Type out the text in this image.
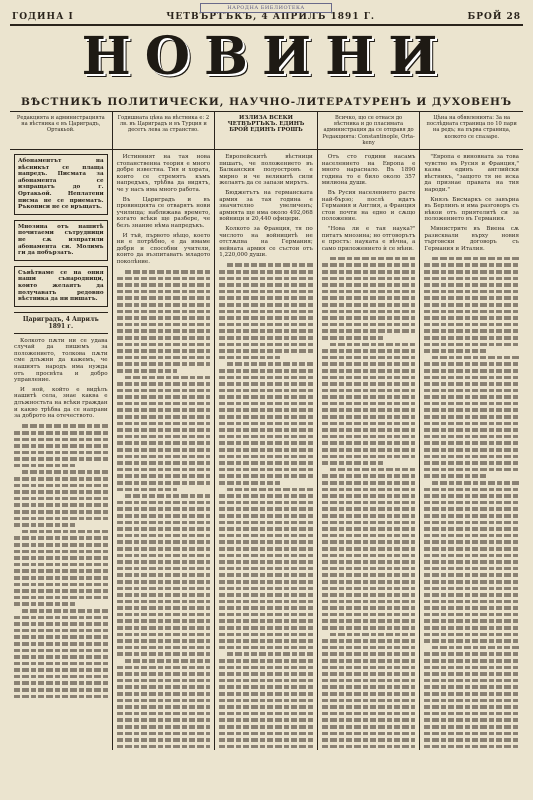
НАРОДНА БИБЛИОТЕКА
ГОДИНА I	ЧЕТВЪРТЪКЪ, 4 АПРИЛЪ 1891 Г.	БРОЙ 28
НОВИНИ
ВѢСТНИКЪ ПОЛИТИЧЕСКИ, НАУЧНО-ЛИТЕРАТУРЕНЪ И ДУХОВЕНЪ
Редакцията и администрацията на вѣстника е въ Цариградъ, Ортакьой.
Годишната цѣна на вѣстника е: 2 лв. въ Цариградъ и въ Турция и десетъ лева за странство.
ИЗЛИЗА ВСЕКИ ЧЕТВЪРТЪКЪ. ЕДИНЪ БРОЙ ЕДИНЪ ГРОШЪ
Всичко, що се отнася до вѣстника и до пласимата администрация да се отправя до Редакцията: Constantinople, Orta-keny
Цѣна на обявленията: За на послѣдната страница по 10 пари на редъ; на първа страница, колкото се спазаре.
Абонаментът на вѣсникът се плаща напредъ. Писмата за абонамента се изпращатъ до г. Ортакьой. Неплатени писма не се приематъ. Ръкописи не се връщатъ.
Мнозина отъ нашитѣ почитаеми сътрудници не сѫ изпратили абонамента си. Молимъ ги да побързатъ.
Съвѣтваме се на ония наши сънародници, които желаятъ да получаватъ редовно вѣстника да ни пишатъ.
Цариградъ, 4 Априлъ 1891 г.

Колкото пѫти ни се удава случай да пишемъ за положението, толкова пѫти сме длъжни да кажемъ, че нашиятъ народъ има нужда отъ просвѣта и добро управление.

И ной, който е видѣлъ нашитѣ села, знае каква е длъжностьта на всѣки граждан и какво трѣбва да се направи за доброто на отечеството.

Истинният на тая нова стопанственна теория е много добре известна. Тия и хората, които се стремятъ къмъ напредъкъ, трѣбва да видятъ, че у насъ има много работа.

Въ Цариградъ и въ провинцията се отварятъ нови училища; наближава времето, когато всѣки ще разбере, че безъ знание нѣма напредъкъ.

И тъй, първото нѣщо, което ни е потрѣбно, е да имаме добри и способни учители, които да възпитаватъ младото поколѣние.

Европейскитѣ вѣстници пишатъ, че положението въ Балканския полуостровъ е мирно и че великитѣ сили желаятъ да се запази мирътъ.

Бюджетътъ на германската армия за тая година е значително увеличенъ; армията ще има около 492,068 войници и 20,440 офицери.

Колкото за Франция, тя по числото на войницитѣ не отстѫпва на Германия; нейната армия се състои отъ 1,220,000 души.

Отъ сто години насамъ населението на Европа е много нараснало. Въ 1890 година то е било около 357 милиона души.

Въ Русия населението расте най-бързо; послѣ идатъ Германия и Англия, а Франция стои почти на едно и сѫщо положение.

"Нова ли е тая наука?" питатъ мнозина; но отговорътъ е простъ: науката е вѣчна, а само приложението ѝ се мѣни.

"Европа е виновната за това чувство въ Русия и Франция," казва единъ английски вѣстникъ, "защото тя не иска да признае правата на тия народи."

Князъ Бисмаркъ се завърна въ Берлинъ и има разговоръ съ нѣкои отъ приятелитѣ си за положението въ Германия.

Министрите въ Виена сѫ разисквали върху новия търговски договоръ съ Германия и Италия.
